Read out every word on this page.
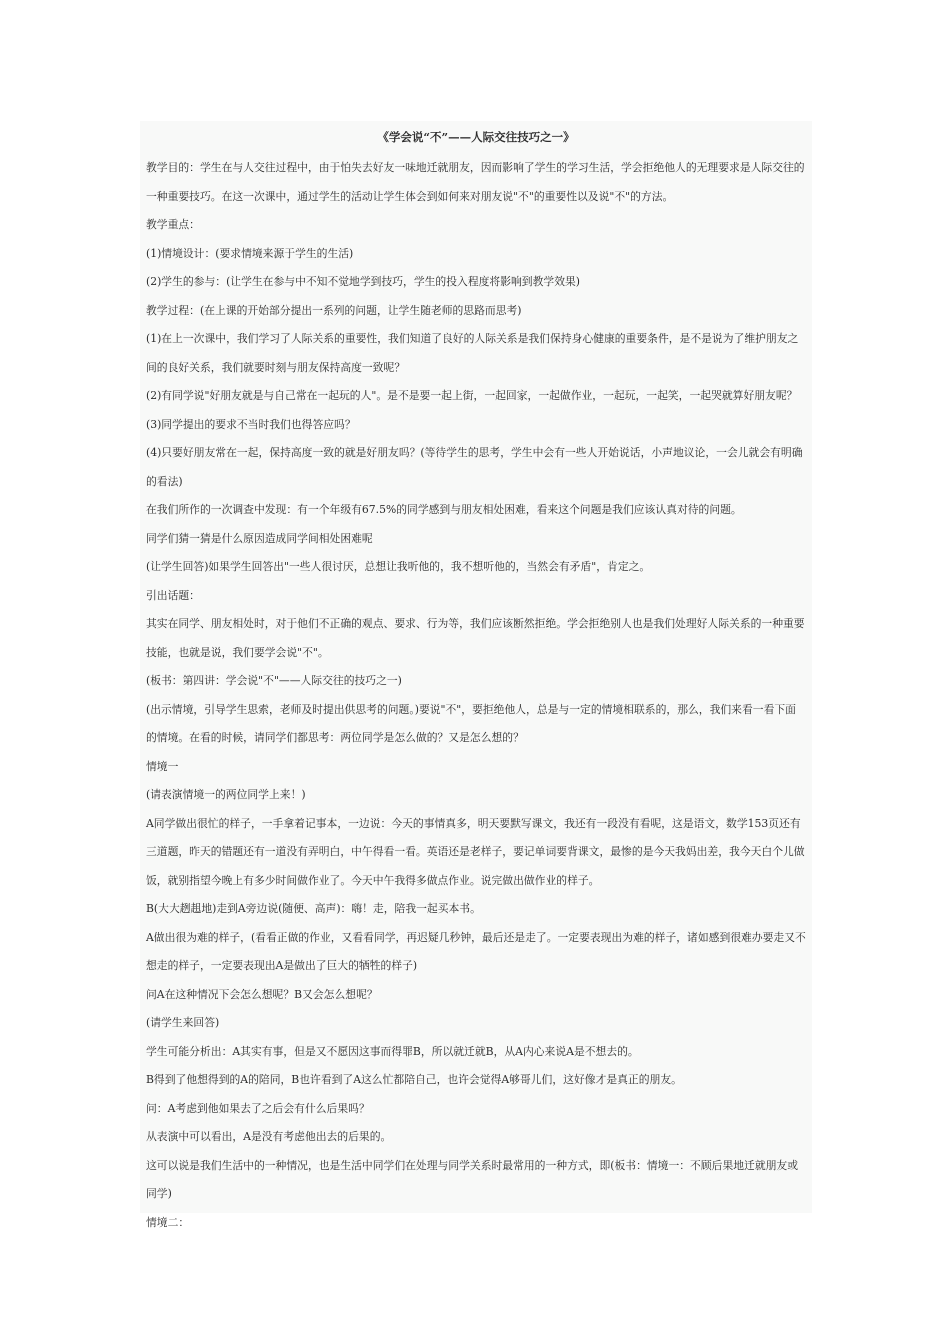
《学会说“不”——人际交往技巧之一》

教学目的：学生在与人交往过程中，由于怕失去好友一味地迁就朋友，因而影响了学生的学习生活，学会拒绝他人的无理要求是人际交往的一种重要技巧。在这一次课中，通过学生的活动让学生体会到如何来对朋友说"不"的重要性以及说"不"的方法。

教学重点：

(1)情境设计：(要求情境来源于学生的生活)

(2)学生的参与：(让学生在参与中不知不觉地学到技巧，学生的投入程度将影响到教学效果)

教学过程：(在上课的开始部分提出一系列的问题，让学生随老师的思路而思考)

(1)在上一次课中，我们学习了人际关系的重要性，我们知道了良好的人际关系是我们保持身心健康的重要条件，是不是说为了维护朋友之间的良好关系，我们就要时刻与朋友保持高度一致呢？

(2)有同学说"好朋友就是与自己常在一起玩的人"。是不是要一起上街，一起回家，一起做作业，一起玩，一起笑，一起哭就算好朋友呢？

(3)同学提出的要求不当时我们也得答应吗？

(4)只要好朋友常在一起，保持高度一致的就是好朋友吗？(等待学生的思考，学生中会有一些人开始说话，小声地议论，一会儿就会有明确的看法)

在我们所作的一次调查中发现：有一个年级有67.5%的同学感到与朋友相处困难，看来这个问题是我们应该认真对待的问题。

同学们猜一猜是什么原因造成同学间相处困难呢

(让学生回答)如果学生回答出"一些人很讨厌，总想让我听他的，我不想听他的，当然会有矛盾"，肯定之。

引出话题：

其实在同学、朋友相处时，对于他们不正确的观点、要求、行为等，我们应该断然拒绝。学会拒绝别人也是我们处理好人际关系的一种重要技能，也就是说，我们要学会说"不"。

(板书：第四讲：学会说"不"——人际交往的技巧之一)

(出示情境，引导学生思索，老师及时提出供思考的问题。)要说"不"，要拒绝他人，总是与一定的情境相联系的，那么，我们来看一看下面的情境。在看的时候，请同学们都思考：两位同学是怎么做的？又是怎么想的？

情境一

(请表演情境一的两位同学上来！)

A同学做出很忙的样子，一手拿着记事本，一边说：今天的事情真多，明天要默写课文，我还有一段没有看呢，这是语文，数学153页还有三道题，昨天的错题还有一道没有弄明白，中午得看一看。英语还是老样子，要记单词要背课文，最惨的是今天我妈出差，我今天白个儿做饭，就别指望今晚上有多少时间做作业了。今天中午我得多做点作业。说完做出做作业的样子。

B(大大趔趄地)走到A旁边说(随便、高声)：嗨！走，陪我一起买本书。

A做出很为难的样子，(看看正做的作业，又看看同学，再迟疑几秒钟，最后还是走了。一定要表现出为难的样子，诸如感到很难办要走又不想走的样子，一定要表现出A是做出了巨大的牺牲的样子)

问A在这种情况下会怎么想呢？B又会怎么想呢？

(请学生来回答)

学生可能分析出：A其实有事，但是又不愿因这事而得罪B，所以就迁就B，从A内心来说A是不想去的。

B得到了他想得到的A的陪同，B也许看到了A这么忙都陪自己，也许会觉得A够哥儿们，这好像才是真正的朋友。

问：A考虑到他如果去了之后会有什么后果吗？

从表演中可以看出，A是没有考虑他出去的后果的。

这可以说是我们生活中的一种情况，也是生活中同学们在处理与同学关系时最常用的一种方式，即(板书：情境一：不顾后果地迁就朋友或同学)

情境二：
